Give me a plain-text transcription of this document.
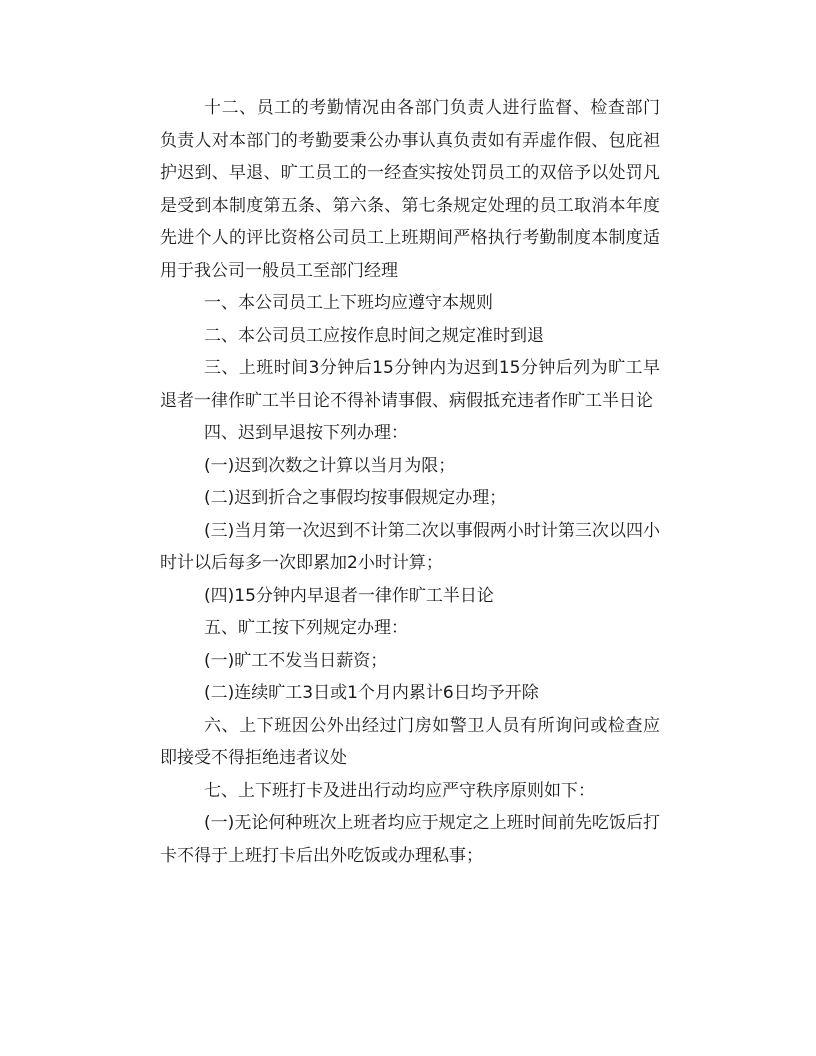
十二、员工的考勤情况由各部门负责人进行监督、检查部门负责人对本部门的考勤要秉公办事认真负责如有弄虚作假、包庇袒护迟到、早退、旷工员工的一经查实按处罚员工的双倍予以处罚凡是受到本制度第五条、第六条、第七条规定处理的员工取消本年度先进个人的评比资格公司员工上班期间严格执行考勤制度本制度适用于我公司一般员工至部门经理

一、本公司员工上下班均应遵守本规则

二、本公司员工应按作息时间之规定准时到退

三、上班时间3分钟后15分钟内为迟到15分钟后列为旷工早退者一律作旷工半日论不得补请事假、病假抵充违者作旷工半日论

四、迟到早退按下列办理：

(一)迟到次数之计算以当月为限；

(二)迟到折合之事假均按事假规定办理；

(三)当月第一次迟到不计第二次以事假两小时计第三次以四小时计以后每多一次即累加2小时计算；

(四)15分钟内早退者一律作旷工半日论

五、旷工按下列规定办理：

(一)旷工不发当日薪资；

(二)连续旷工3日或1个月内累计6日均予开除

六、上下班因公外出经过门房如警卫人员有所询问或检查应即接受不得拒绝违者议处

七、上下班打卡及进出行动均应严守秩序原则如下：

(一)无论何种班次上班者均应于规定之上班时间前先吃饭后打卡不得于上班打卡后出外吃饭或办理私事；
